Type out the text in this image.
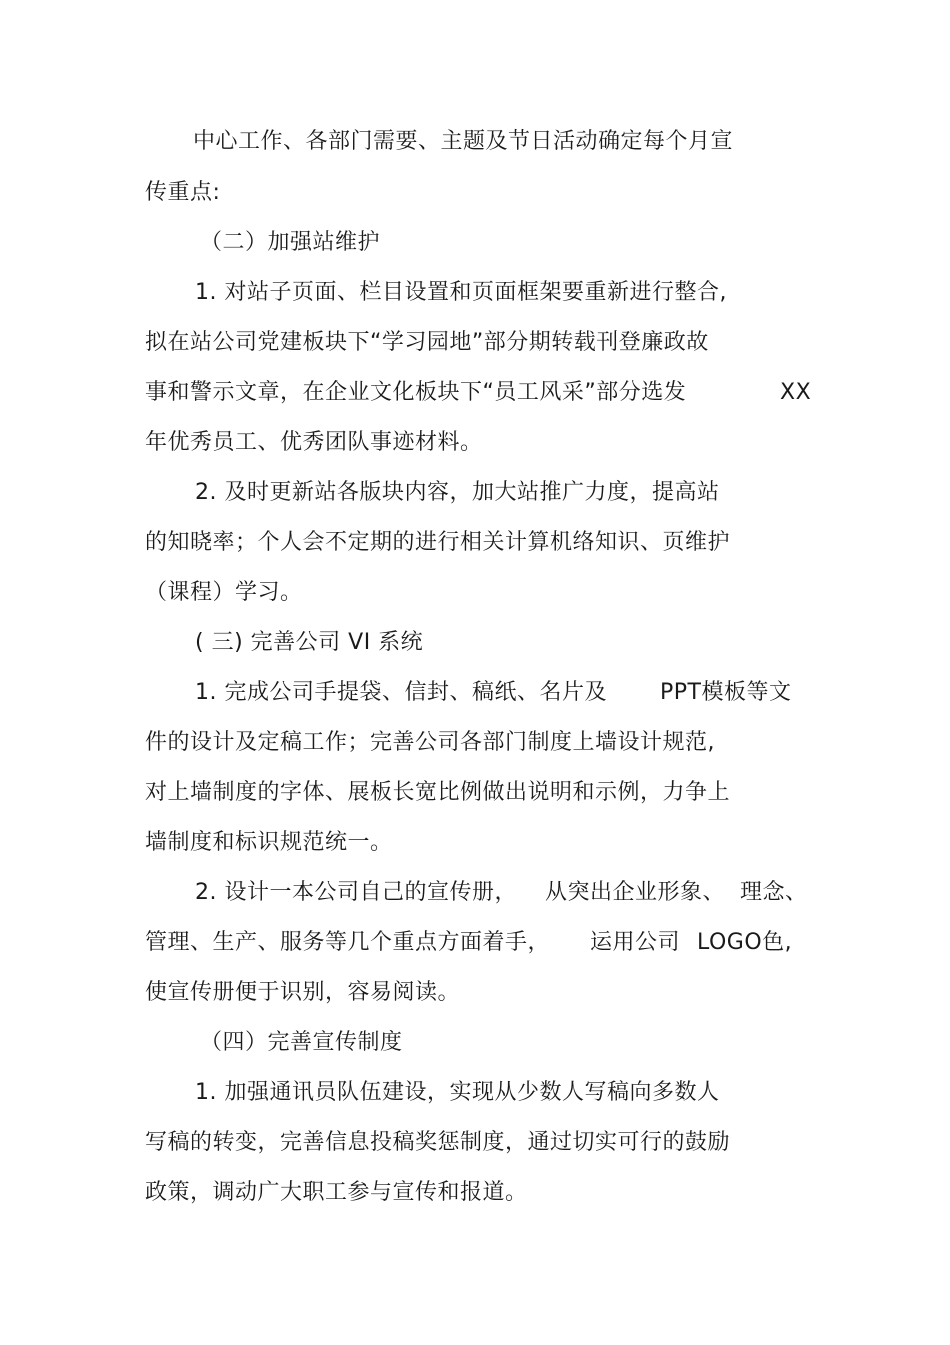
中心工作、各部门需要、主题及节日活动确定每个月宣
传重点:
（二）加强站维护
1. 对站子页面、栏目设置和页面框架要重新进行整合,
拟在站公司党建板块下“学习园地”部分期转载刊登廉政故
事和警示文章，在企业文化板块下“员工风采”部分选发	XX
年优秀员工、优秀团队事迹材料。
2. 及时更新站各版块内容，加大站推广力度，提高站
的知晓率；个人会不定期的进行相关计算机络知识、页维护
（课程）学习。
( 三) 完善公司 VI 系统
1. 完成公司手提袋、信封、稿纸、名片及 PPT模板等文
件的设计及定稿工作；完善公司各部门制度上墙设计规范,
对上墙制度的字体、展板长宽比例做出说明和示例，力争上
墙制度和标识规范统一。
2. 设计一本公司自己的宣传册， 从突出企业形象、 理念、
管理、生产、服务等几个重点方面着手， 运用公司 LOGO色,
使宣传册便于识别，容易阅读。
（四）完善宣传制度
1. 加强通讯员队伍建设，实现从少数人写稿向多数人
写稿的转变，完善信息投稿奖惩制度，通过切实可行的鼓励
政策，调动广大职工参与宣传和报道。
